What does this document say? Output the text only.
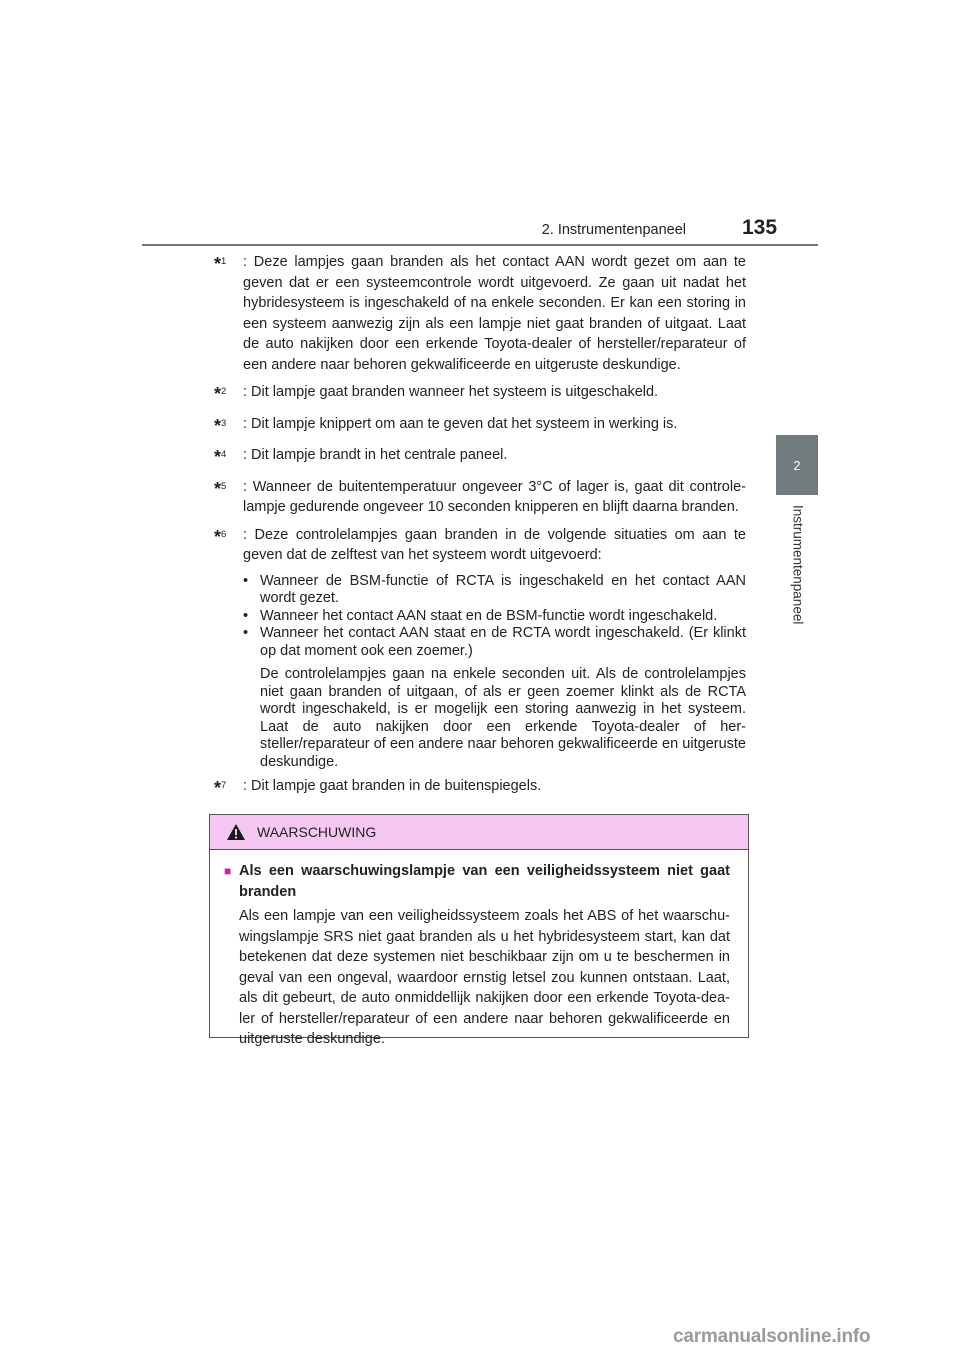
2. Instrumentenpaneel	135
2
Instrumentenpaneel
*$^1$	: Deze lampjes gaan branden als het contact AAN wordt gezet om aan te geven dat er een systeemcontrole wordt uitgevoerd. Ze gaan uit nadat het hybridesysteem is ingeschakeld of na enkele seconden. Er kan een storing in een systeem aanwezig zijn als een lampje niet gaat branden of uitgaat. Laat de auto nakijken door een erkende Toyota-dealer of hersteller/reparateur of een andere naar behoren gekwalificeerde en uitgeruste deskundige.
*$^2$	: Dit lampje gaat branden wanneer het systeem is uitgeschakeld.
*$^3$	: Dit lampje knippert om aan te geven dat het systeem in werking is.
*$^4$	: Dit lampje brandt in het centrale paneel.
*$^5$	: Wanneer de buitentemperatuur ongeveer 3°C of lager is, gaat dit controlelampje gedurende ongeveer 10 seconden knipperen en blijft daarna branden.
*$^6$	: Deze controlelampjes gaan branden in de volgende situaties om aan te geven dat de zelftest van het systeem wordt uitgevoerd:
• Wanneer de BSM-functie of RCTA is ingeschakeld en het contact AAN wordt gezet.
• Wanneer het contact AAN staat en de BSM-functie wordt ingeschakeld.
• Wanneer het contact AAN staat en de RCTA wordt ingeschakeld. (Er klinkt op dat moment ook een zoemer.)
De controlelampjes gaan na enkele seconden uit. Als de controlelampjes niet gaan branden of uitgaan, of als er geen zoemer klinkt als de RCTA wordt ingeschakeld, is er mogelijk een storing aanwezig in het systeem. Laat de auto nakijken door een erkende Toyota-dealer of hersteller/reparateur of een andere naar behoren gekwalificeerde en uitgeruste deskundige.
*$^7$	: Dit lampje gaat branden in de buitenspiegels.
WAARSCHUWING
■ Als een waarschuwingslampje van een veiligheidssysteem niet gaat branden
Als een lampje van een veiligheidssysteem zoals het ABS of het waarschuwingslampje SRS niet gaat branden als u het hybridesysteem start, kan dat betekenen dat deze systemen niet beschikbaar zijn om u te beschermen in geval van een ongeval, waardoor ernstig letsel zou kunnen ontstaan. Laat, als dit gebeurt, de auto onmiddellijk nakijken door een erkende Toyota-dealer of hersteller/reparateur of een andere naar behoren gekwalificeerde en uitgeruste deskundige.
carmanualsonline.info
